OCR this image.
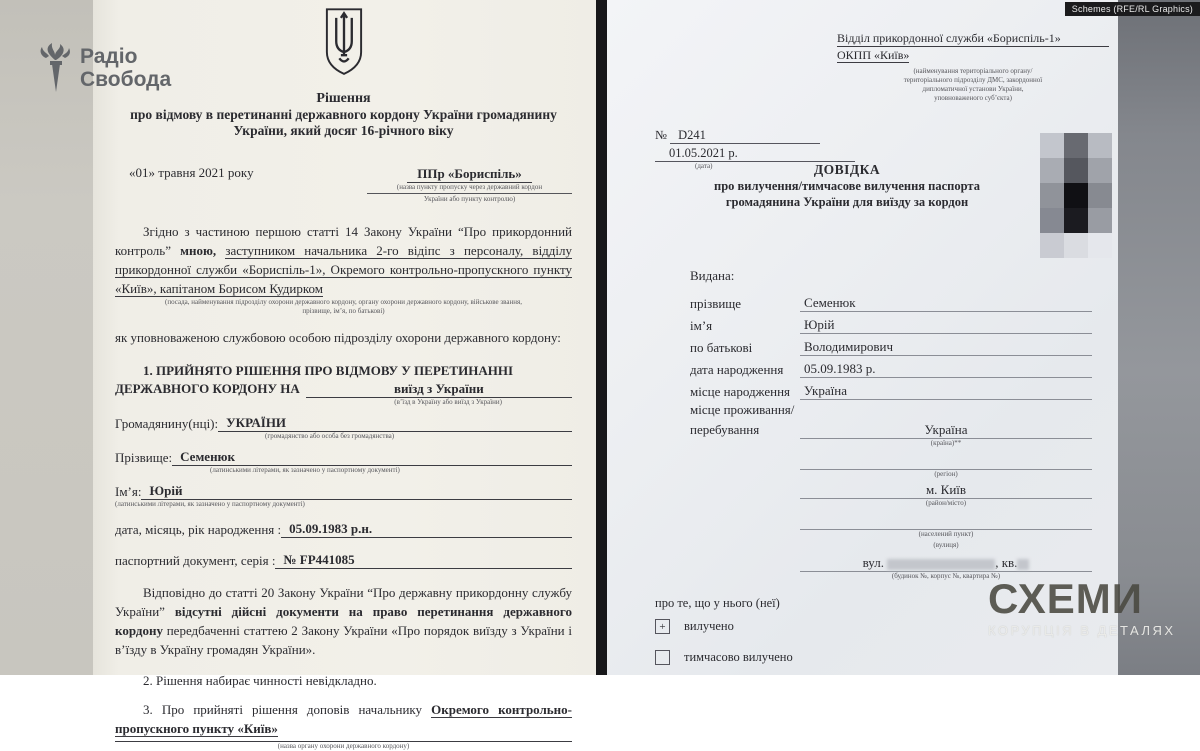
Рішення
про відмову в перетинанні державного кордону України громадянину
України, який досяг 16-річного віку
«01» травня 2021 року	ППр «Бориспіль»
(назва пункту пропуску через державний кордон
України або пункту контролю)

Згідно з частиною першою статті 14 Закону України “Про прикордонний контроль” мною, заступником начальника 2-го відіпс з персоналу, відділу прикордонної служби «Бориспіль-1», Окремого контрольно-пропускного пункту «Київ», капітаном Борисом Кудирком

(посада, найменування підрозділу охорони державного кордону, органу охорони державного кордону, військове звання,
прізвище, ім’я, по батькові)

як уповноваженою службовою особою підрозділу охорони державного кордону:

1. ПРИЙНЯТО РІШЕННЯ ПРО ВІДМОВУ У ПЕРЕТИНАННІ

ДЕРЖАВНОГО КОРДОНУ НА	виїзд з України
(в’їзд в Україну або виїзд з України)
Громадянину(нці): УКРАЇНИ
(громадянство або особа без громадянства)
Прізвище: Семенюк
(латинськими літерами, як зазначено у паспортному документі)
Ім’я: Юрій
(латинськими літерами, як зазначено у паспортному документі)
дата, місяць, рік народження : 05.09.1983 р.н.
паспортний документ, серія : № FP441085

Відповідно до статті 20 Закону України “Про державну прикордонну службу України” відсутні дійсні документи на право перетинання державного кордону передбаченні статтею 2 Закону України «Про порядок виїзду з України і в’їзду в Україну громадян України».

2. Рішення набирає чинності невідкладно.

3. Про прийняті рішення доповів начальнику Окремого контрольно-пропускного пункту «Київ»

(назва органу охорони державного кордону)
Відділ прикордонної служби «Бориспіль-1»
ОКПП «Київ»
(найменування територіального органу/
територіального підрозділу ДМС, закордонної
дипломатичної установи України,
уповноваженого суб’єкта)
№ D241
01.05.2021 р.
(дата)	ДОВІДКА
про вилучення/тимчасове вилучення паспорта
громадянина України для виїзду за кордон
Видана:
прізвище	Семенюк
ім’я	Юрій
по батькові	Володимирович
дата народження	05.09.1983 р.
місце народження	Україна
місце проживання/
перебування	Україна
(країна)**
(регіон)
м. Київ
(район/місто)
(населений пункт)
(вулиця)
вул.	, кв.
(будинок №, корпус №, квартира №)
про те, що у нього (неї)
+	вилучено
тимчасово вилучено
Радіо
Свобода
Schemes (RFE/RL Graphics)
СХЕМИ
КОРУПЦІЯ В ДЕТАЛЯХ
